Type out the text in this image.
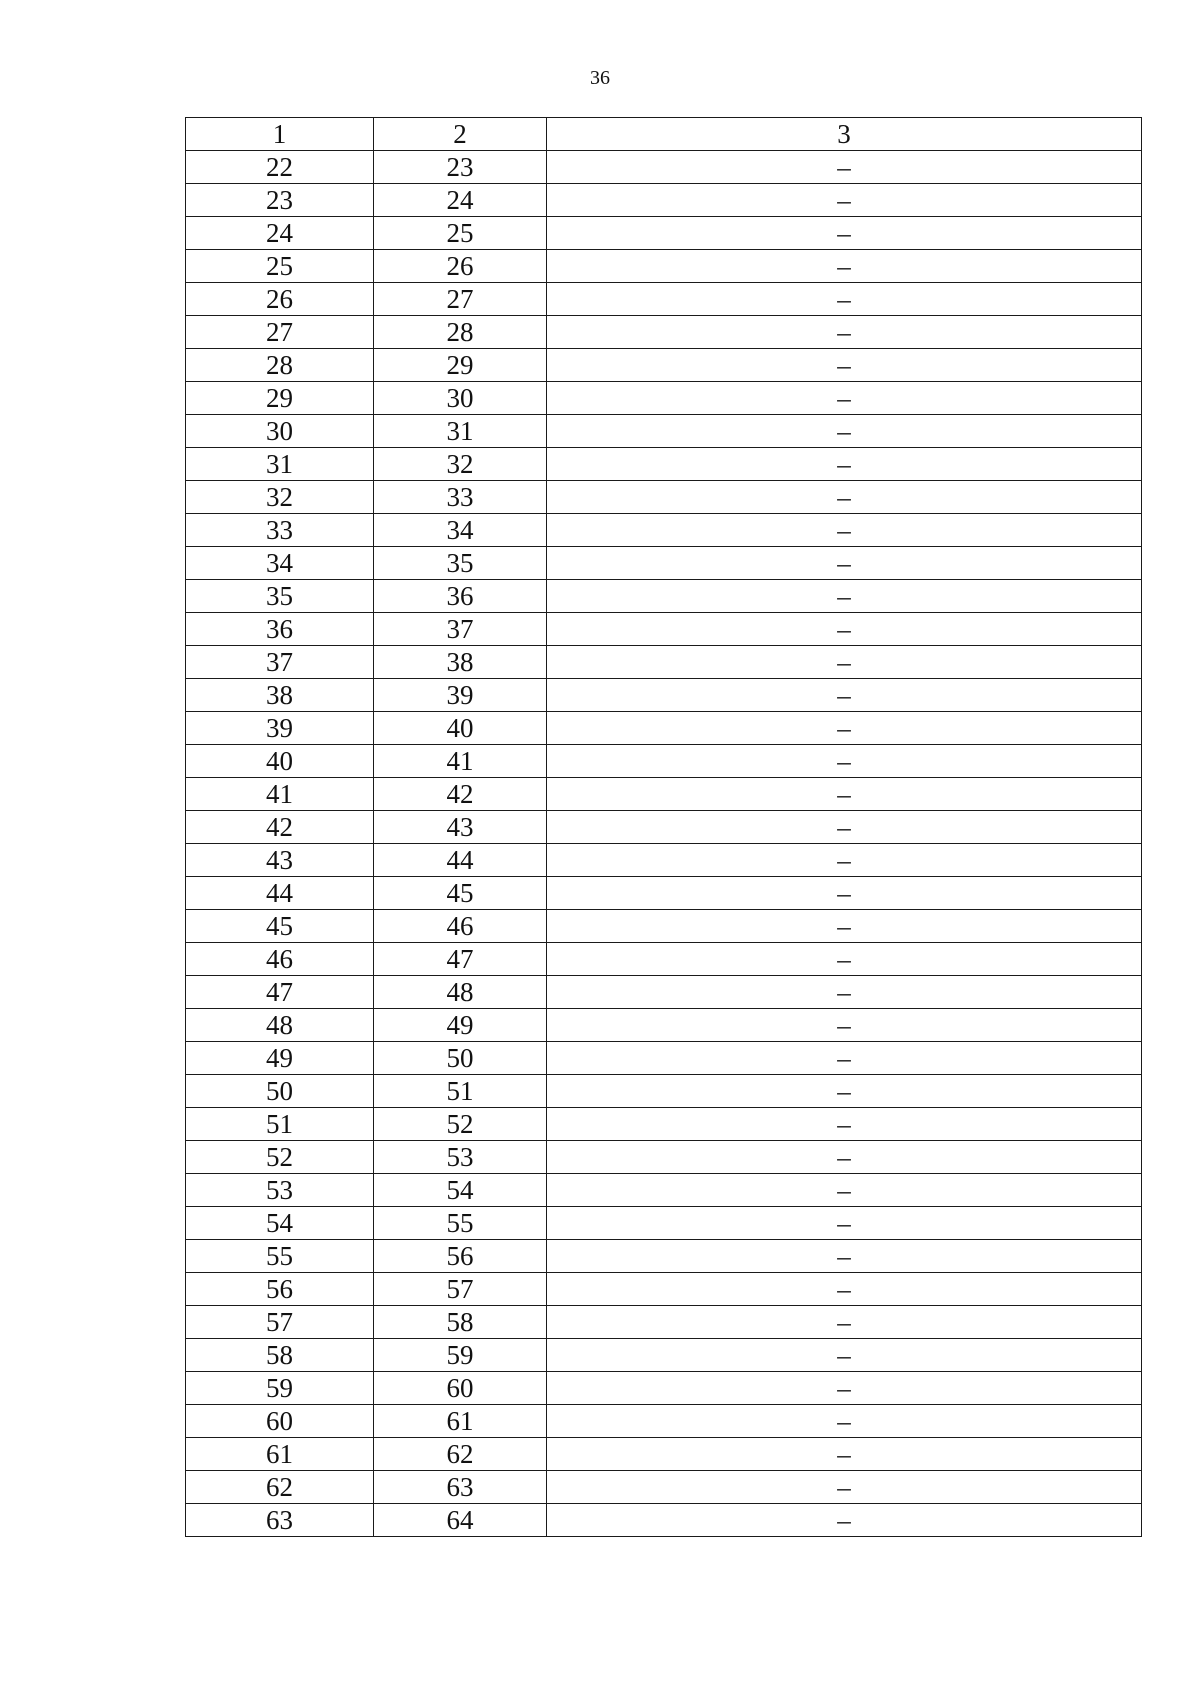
36
1	2	3
22	23	–
23	24	–
24	25	–
25	26	–
26	27	–
27	28	–
28	29	–
29	30	–
30	31	–
31	32	–
32	33	–
33	34	–
34	35	–
35	36	–
36	37	–
37	38	–
38	39	–
39	40	–
40	41	–
41	42	–
42	43	–
43	44	–
44	45	–
45	46	–
46	47	–
47	48	–
48	49	–
49	50	–
50	51	–
51	52	–
52	53	–
53	54	–
54	55	–
55	56	–
56	57	–
57	58	–
58	59	–
59	60	–
60	61	–
61	62	–
62	63	–
63	64	–
